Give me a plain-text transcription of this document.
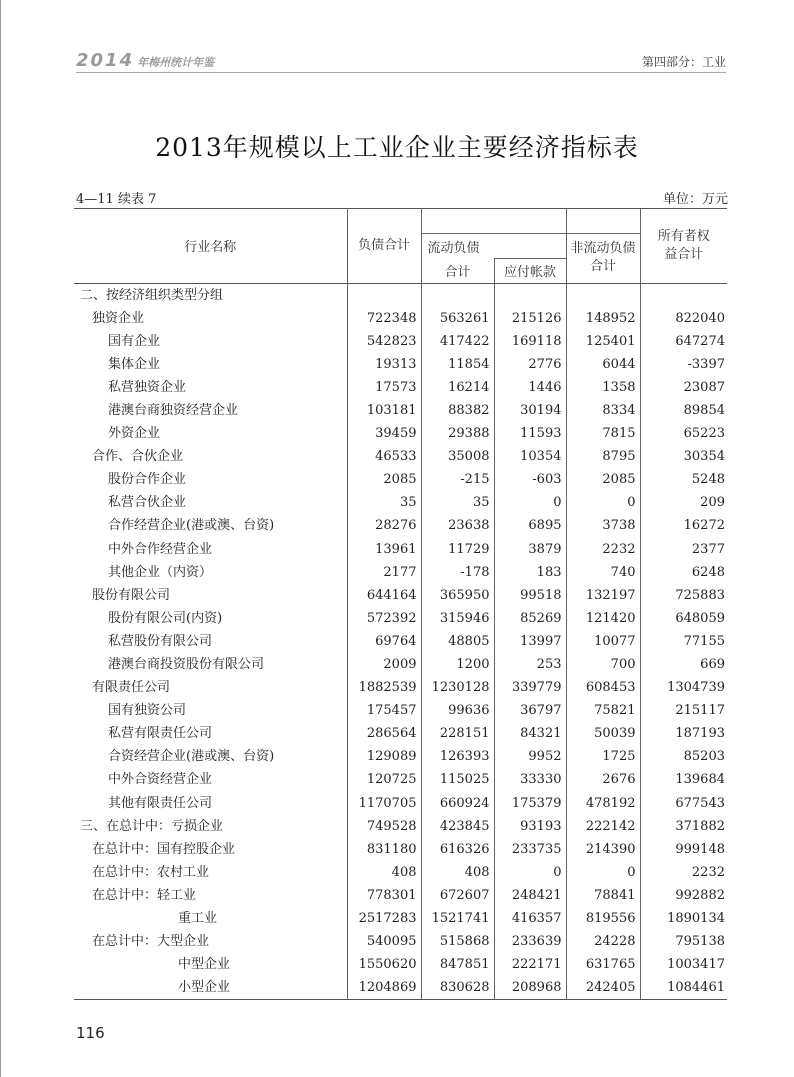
2014 年梅州统计年鉴	第四部分：工业
2013年规模以上工业企业主要经济指标表
4—11 续表 7	单位：万元
行业名称	负债合计				所有者权益合计
		流动负债		非流动负债合计	
		合计	应付帐款		
二、按经济组织类型分组					
独资企业	722348	563261	215126	148952	822040
国有企业	542823	417422	169118	125401	647274
集体企业	19313	11854	2776	6044	-3397
私营独资企业	17573	16214	1446	1358	23087
港澳台商独资经营企业	103181	88382	30194	8334	89854
外资企业	39459	29388	11593	7815	65223
合作、合伙企业	46533	35008	10354	8795	30354
股份合作企业	2085	-215	-603	2085	5248
私营合伙企业	35	35	0	0	209
合作经营企业(港或澳、台资)	28276	23638	6895	3738	16272
中外合作经营企业	13961	11729	3879	2232	2377
其他企业（内资）	2177	-178	183	740	6248
股份有限公司	644164	365950	99518	132197	725883
股份有限公司(内资)	572392	315946	85269	121420	648059
私营股份有限公司	69764	48805	13997	10077	77155
港澳台商投资股份有限公司	2009	1200	253	700	669
有限责任公司	1882539	1230128	339779	608453	1304739
国有独资公司	175457	99636	36797	75821	215117
私营有限责任公司	286564	228151	84321	50039	187193
合资经营企业(港或澳、台资)	129089	126393	9952	1725	85203
中外合资经营企业	120725	115025	33330	2676	139684
其他有限责任公司	1170705	660924	175379	478192	677543
三、在总计中：亏损企业	749528	423845	93193	222142	371882
在总计中：国有控股企业	831180	616326	233735	214390	999148
在总计中：农村工业	408	408	0	0	2232
在总计中：轻工业	778301	672607	248421	78841	992882
重工业	2517283	1521741	416357	819556	1890134
在总计中：大型企业	540095	515868	233639	24228	795138
中型企业	1550620	847851	222171	631765	1003417
小型企业	1204869	830628	208968	242405	1084461
116
